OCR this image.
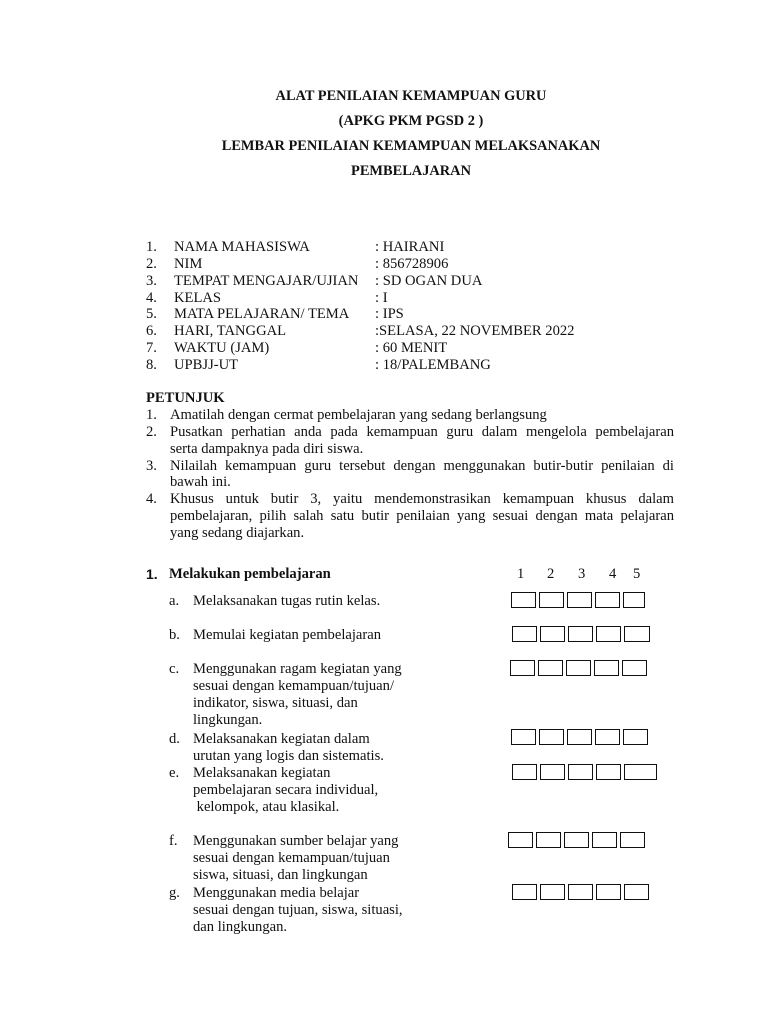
ALAT PENILAIAN KEMAMPUAN GURU
(APKG PKM PGSD 2 )
LEMBAR PENILAIAN KEMAMPUAN MELAKSANAKAN
PEMBELAJARAN
1. NAMA MAHASISWA	: HAIRANI
2. NIM	: 856728906
3. TEMPAT MENGAJAR/UJIAN : SD OGAN DUA
4. KELAS	: I
5. MATA PELAJARAN/ TEMA : IPS
6. HARI, TANGGAL	:SELASA, 22 NOVEMBER 2022
7. WAKTU (JAM)	: 60 MENIT
8. UPBJJ-UT	: 18/PALEMBANG
PETUNJUK
1. Amatilah dengan cermat pembelajaran yang sedang berlangsung
2. Pusatkan perhatian anda pada kemampuan guru dalam mengelola pembelajaran
serta dampaknya pada diri siswa.
3. Nilailah kemampuan guru tersebut dengan menggunakan butir-butir penilaian di
bawah ini.
4. Khusus untuk butir 3, yaitu mendemonstrasikan kemampuan khusus dalam
pembelajaran, pilih salah satu butir penilaian yang sesuai dengan mata pelajaran
yang sedang diajarkan.
1. Melakukan pembelajaran	1 2 3 4 5
a. Melaksanakan tugas rutin kelas.
b. Memulai kegiatan pembelajaran
c. Menggunakan ragam kegiatan yang
sesuai dengan kemampuan/tujuan/
indikator, siswa, situasi, dan
lingkungan.
d. Melaksanakan kegiatan dalam
urutan yang logis dan sistematis.
e. Melaksanakan kegiatan
pembelajaran secara individual,
kelompok, atau klasikal.
f. Menggunakan sumber belajar yang
sesuai dengan kemampuan/tujuan
siswa, situasi, dan lingkungan
g. Menggunakan media belajar
sesuai dengan tujuan, siswa, situasi,
dan lingkungan.
